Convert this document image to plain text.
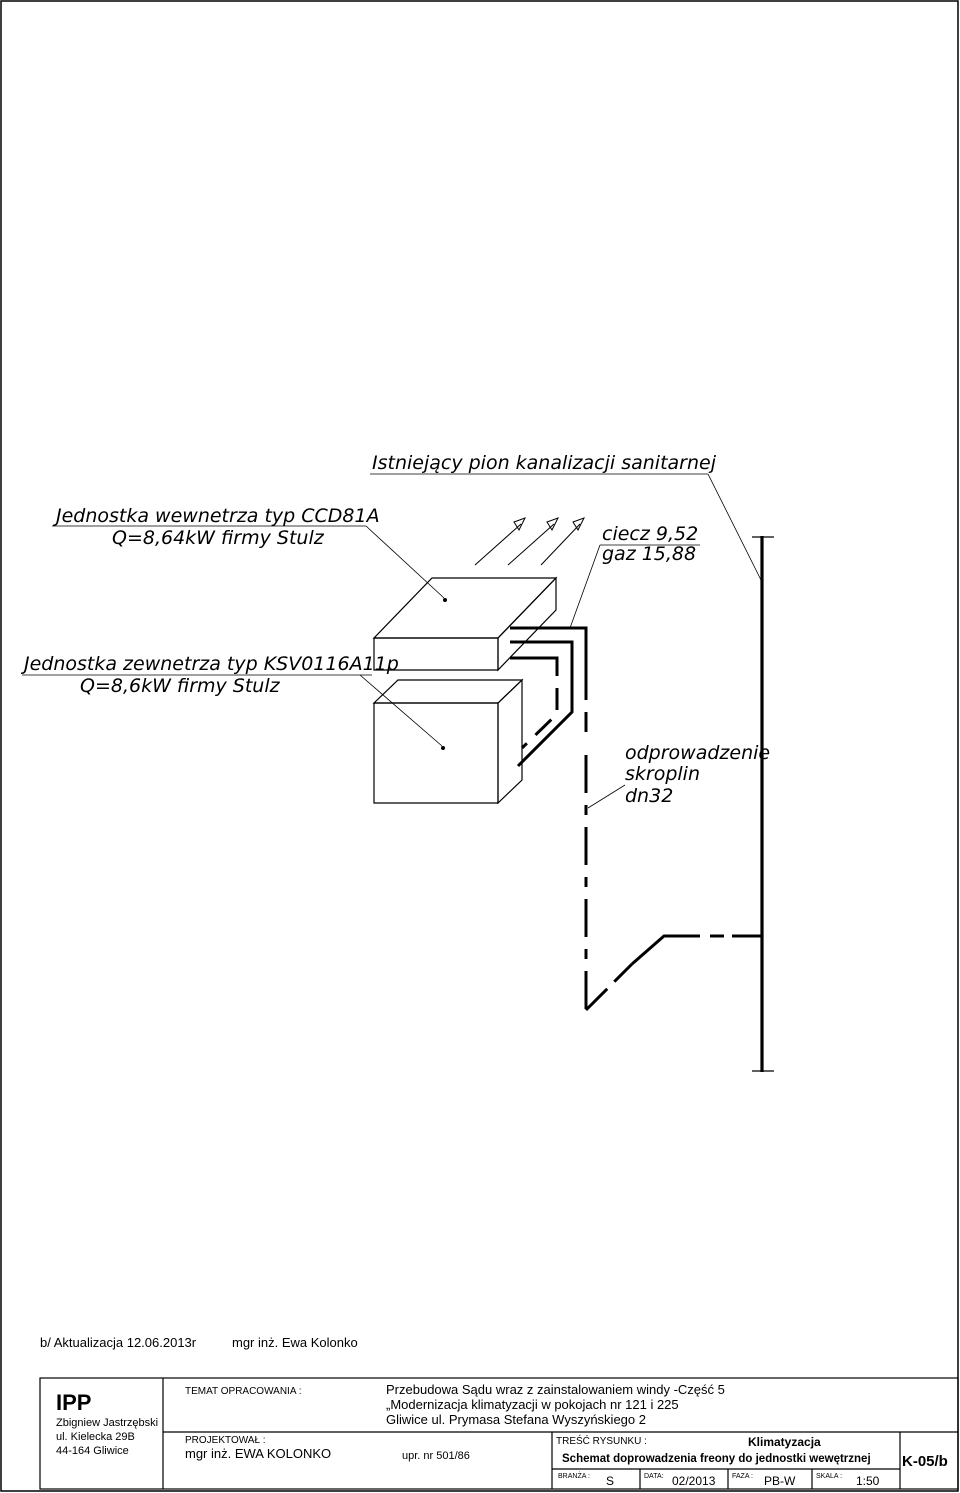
Istniejący pion kanalizacji sanitarnej
Jednostka wewnetrza typ CCD81A
Q=8,64kW firmy Stulz	ciecz 9,52
gaz 15,88
Jednostka zewnetrza typ KSV0116A11p
Q=8,6kW firmy Stulz
odprowadzenie
skroplin
dn32
b/ Aktualizacja 12.06.2013r	mgr inż. Ewa Kolonko
IPP
Zbigniew Jastrzębski
ul. Kielecka 29B
44-164 Gliwice
TEMAT OPRACOWANIA :	Przebudowa Sądu wraz z zainstalowaniem windy -Część 5
„Modernizacja klimatyzacji w pokojach nr 121 i 225
Gliwice ul. Prymasa Stefana Wyszyńskiego 2
PROJEKTOWAŁ :
mgr inż. EWA KOLONKO	upr. nr 501/86
TREŚĆ RYSUNKU :	Klimatyzacja
Schemat doprowadzenia freony do jednostki wewętrznej K-05/b
BRANŻA : S	DATA: 02/2013 FAZA : PB-W	SKALA : 1:50
